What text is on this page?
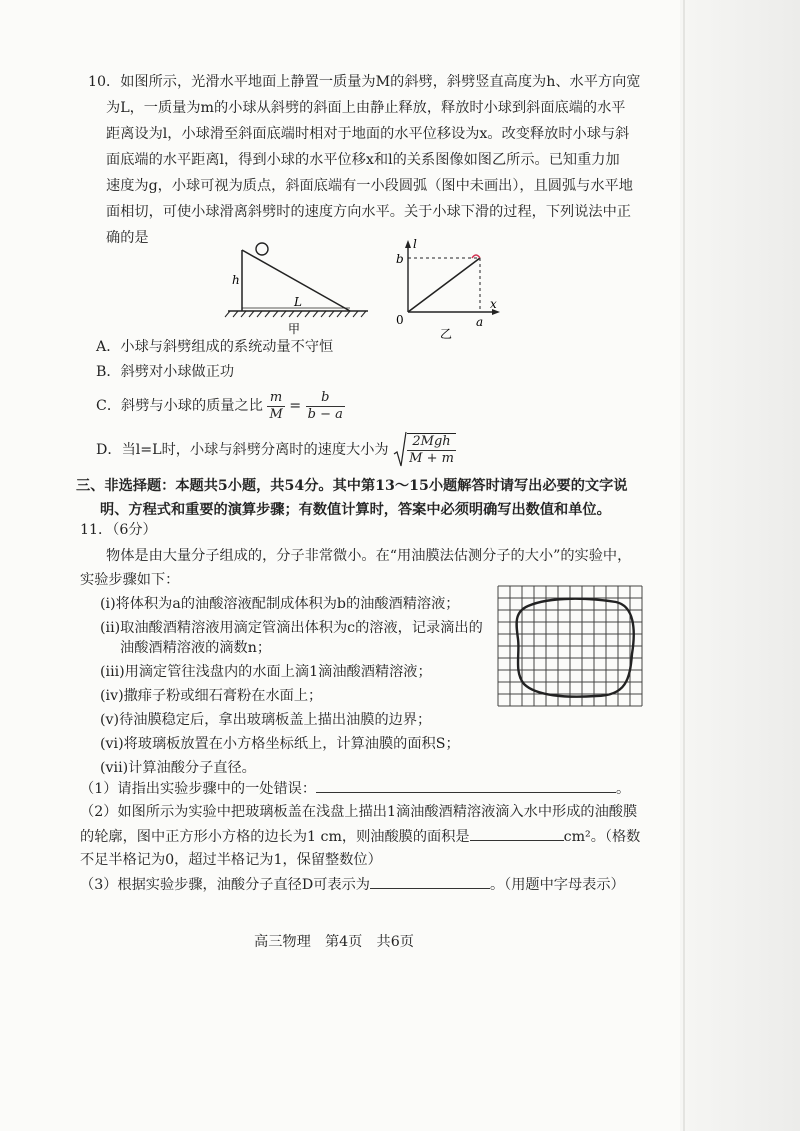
10．如图所示，光滑水平地面上静置一质量为M的斜劈，斜劈竖直高度为h、水平方向宽
为L，一质量为m的小球从斜劈的斜面上由静止释放，释放时小球到斜面底端的水平
距离设为l，小球滑至斜面底端时相对于地面的水平位移设为x。改变释放时小球与斜
面底端的水平距离l，得到小球的水平位移x和l的关系图像如图乙所示。已知重力加
速度为g，小球可视为质点，斜面底端有一小段圆弧（图中未画出），且圆弧与水平地
面相切，可使小球滑离斜劈时的速度方向水平。关于小球下滑的过程，下列说法中正
确的是
h
L
甲
l
b
x
0	a
乙
A．小球与斜劈组成的系统动量不守恒
B．斜劈对小球做正功
C．斜劈与小球的质量之比 $\frac{m}{M} = \frac{b}{b - a}$
D．当l=L时，小球与斜劈分离时的速度大小为 $\frac{\text{2Mgh}}{M + m}$
三、非选择题：本题共5小题，共54分。其中第13～15小题解答时请写出必要的文字说
明、方程式和重要的演算步骤；有数值计算时，答案中必须明确写出数值和单位。
11．（6分）
物体是由大量分子组成的，分子非常微小。在“用油膜法估测分子的大小”的实验中，
实验步骤如下：
(i)将体积为a的油酸溶液配制成体积为b的油酸酒精溶液；
(ii)取油酸酒精溶液用滴定管滴出体积为c的溶液，记录滴出的
油酸酒精溶液的滴数n；
(iii)用滴定管往浅盘内的水面上滴1滴油酸酒精溶液；
(iv)撒痱子粉或细石膏粉在水面上；
(v)待油膜稳定后，拿出玻璃板盖上描出油膜的边界；
(vi)将玻璃板放置在小方格坐标纸上，计算油膜的面积S；
(vii)计算油酸分子直径。
（1）请指出实验步骤中的一处错误：	。
（2）如图所示为实验中把玻璃板盖在浅盘上描出1滴油酸酒精溶液滴入水中形成的油酸膜
的轮廓，图中正方形小方格的边长为1 cm，则油酸膜的面积是	cm²。（格数
不足半格记为0，超过半格记为1，保留整数位）
（3）根据实验步骤，油酸分子直径D可表示为	。（用题中字母表示）
高三物理　第4页　共6页
